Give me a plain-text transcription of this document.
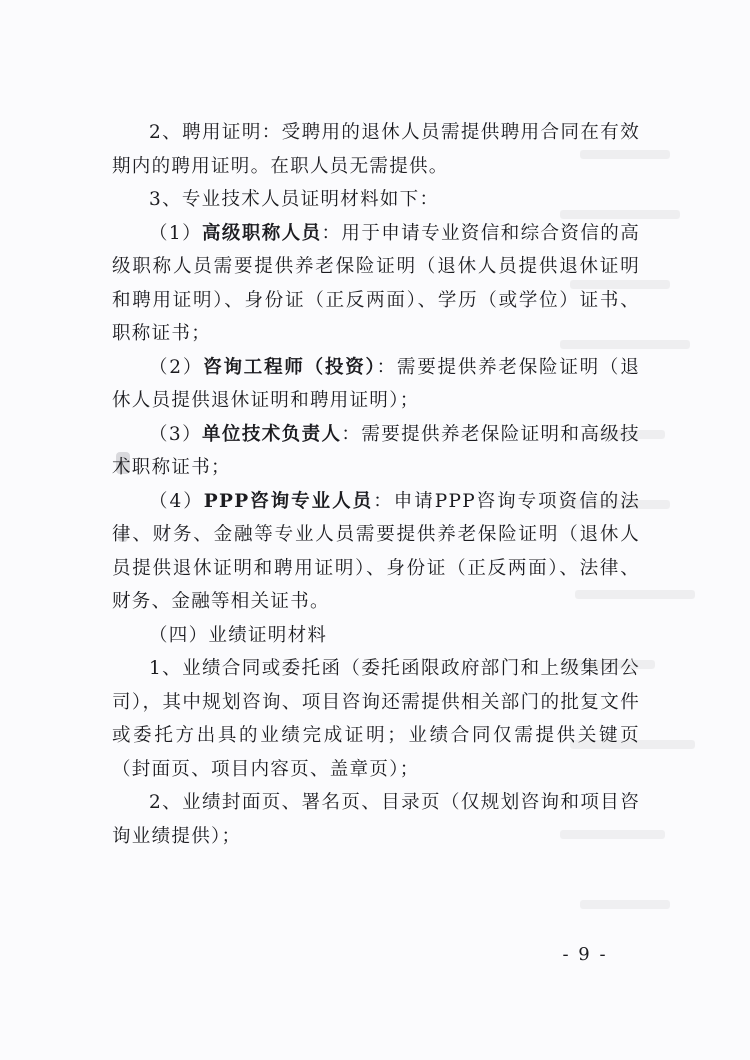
2、聘用证明：受聘用的退休人员需提供聘用合同在有效期内的聘用证明。在职人员无需提供。

3、专业技术人员证明材料如下：

（1）高级职称人员：用于申请专业资信和综合资信的高级职称人员需要提供养老保险证明（退休人员提供退休证明和聘用证明）、身份证（正反两面）、学历（或学位）证书、职称证书；

（2）咨询工程师（投资）：需要提供养老保险证明（退休人员提供退休证明和聘用证明）；

（3）单位技术负责人：需要提供养老保险证明和高级技术职称证书；

（4）PPP咨询专业人员：申请PPP咨询专项资信的法律、财务、金融等专业人员需要提供养老保险证明（退休人员提供退休证明和聘用证明）、身份证（正反两面）、法律、财务、金融等相关证书。

（四）业绩证明材料

1、业绩合同或委托函（委托函限政府部门和上级集团公司），其中规划咨询、项目咨询还需提供相关部门的批复文件或委托方出具的业绩完成证明；业绩合同仅需提供关键页（封面页、项目内容页、盖章页）；

2、业绩封面页、署名页、目录页（仅规划咨询和项目咨询业绩提供）；

- 9 -
